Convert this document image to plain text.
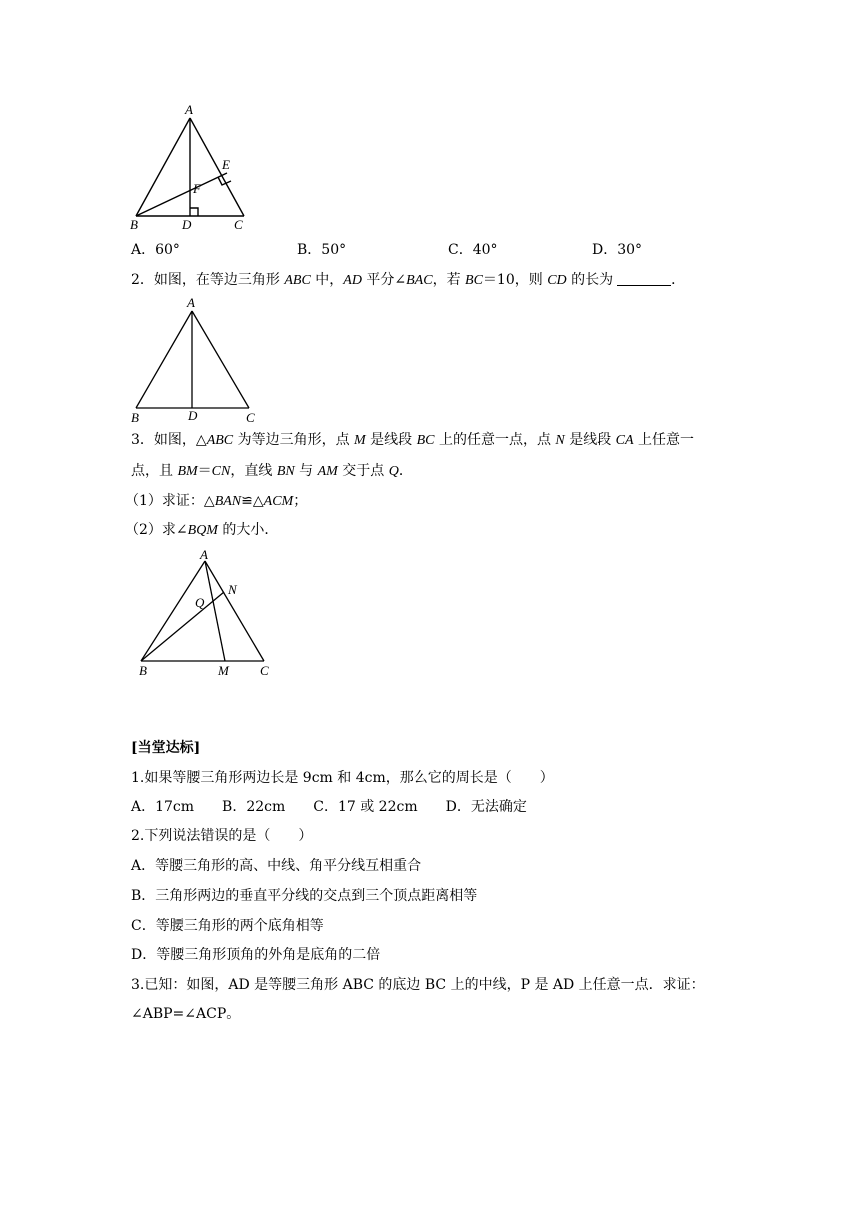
A
B	C
D
E
F
A．60°	B．50°	C．40°	D．30°
2．如图，在等边三角形 ABC 中，AD 平分∠BAC，若 BC＝10，则 CD 的长为	．
A
B	C
D
3．如图，△ABC 为等边三角形，点 M 是线段 BC 上的任意一点，点 N 是线段 CA 上任意一
点，且 BM＝CN，直线 BN 与 AM 交于点 Q．
（1）求证：△BAN≌△ACM；
（2）求∠BQM 的大小．
A
B	C
M
N
Q
[当堂达标]
1.如果等腰三角形两边长是 9cm 和 4cm，那么它的周长是（　　）
A．17cm　　B．22cm　　C．17 或 22cm　　D．无法确定
2.下列说法错误的是（　　）
A．等腰三角形的高、中线、角平分线互相重合
B．三角形两边的垂直平分线的交点到三个顶点距离相等
C．等腰三角形的两个底角相等
D．等腰三角形顶角的外角是底角的二倍
3.已知：如图，AD 是等腰三角形 ABC 的底边 BC 上的中线，P 是 AD 上任意一点．求证：
∠ABP=∠ACP。
